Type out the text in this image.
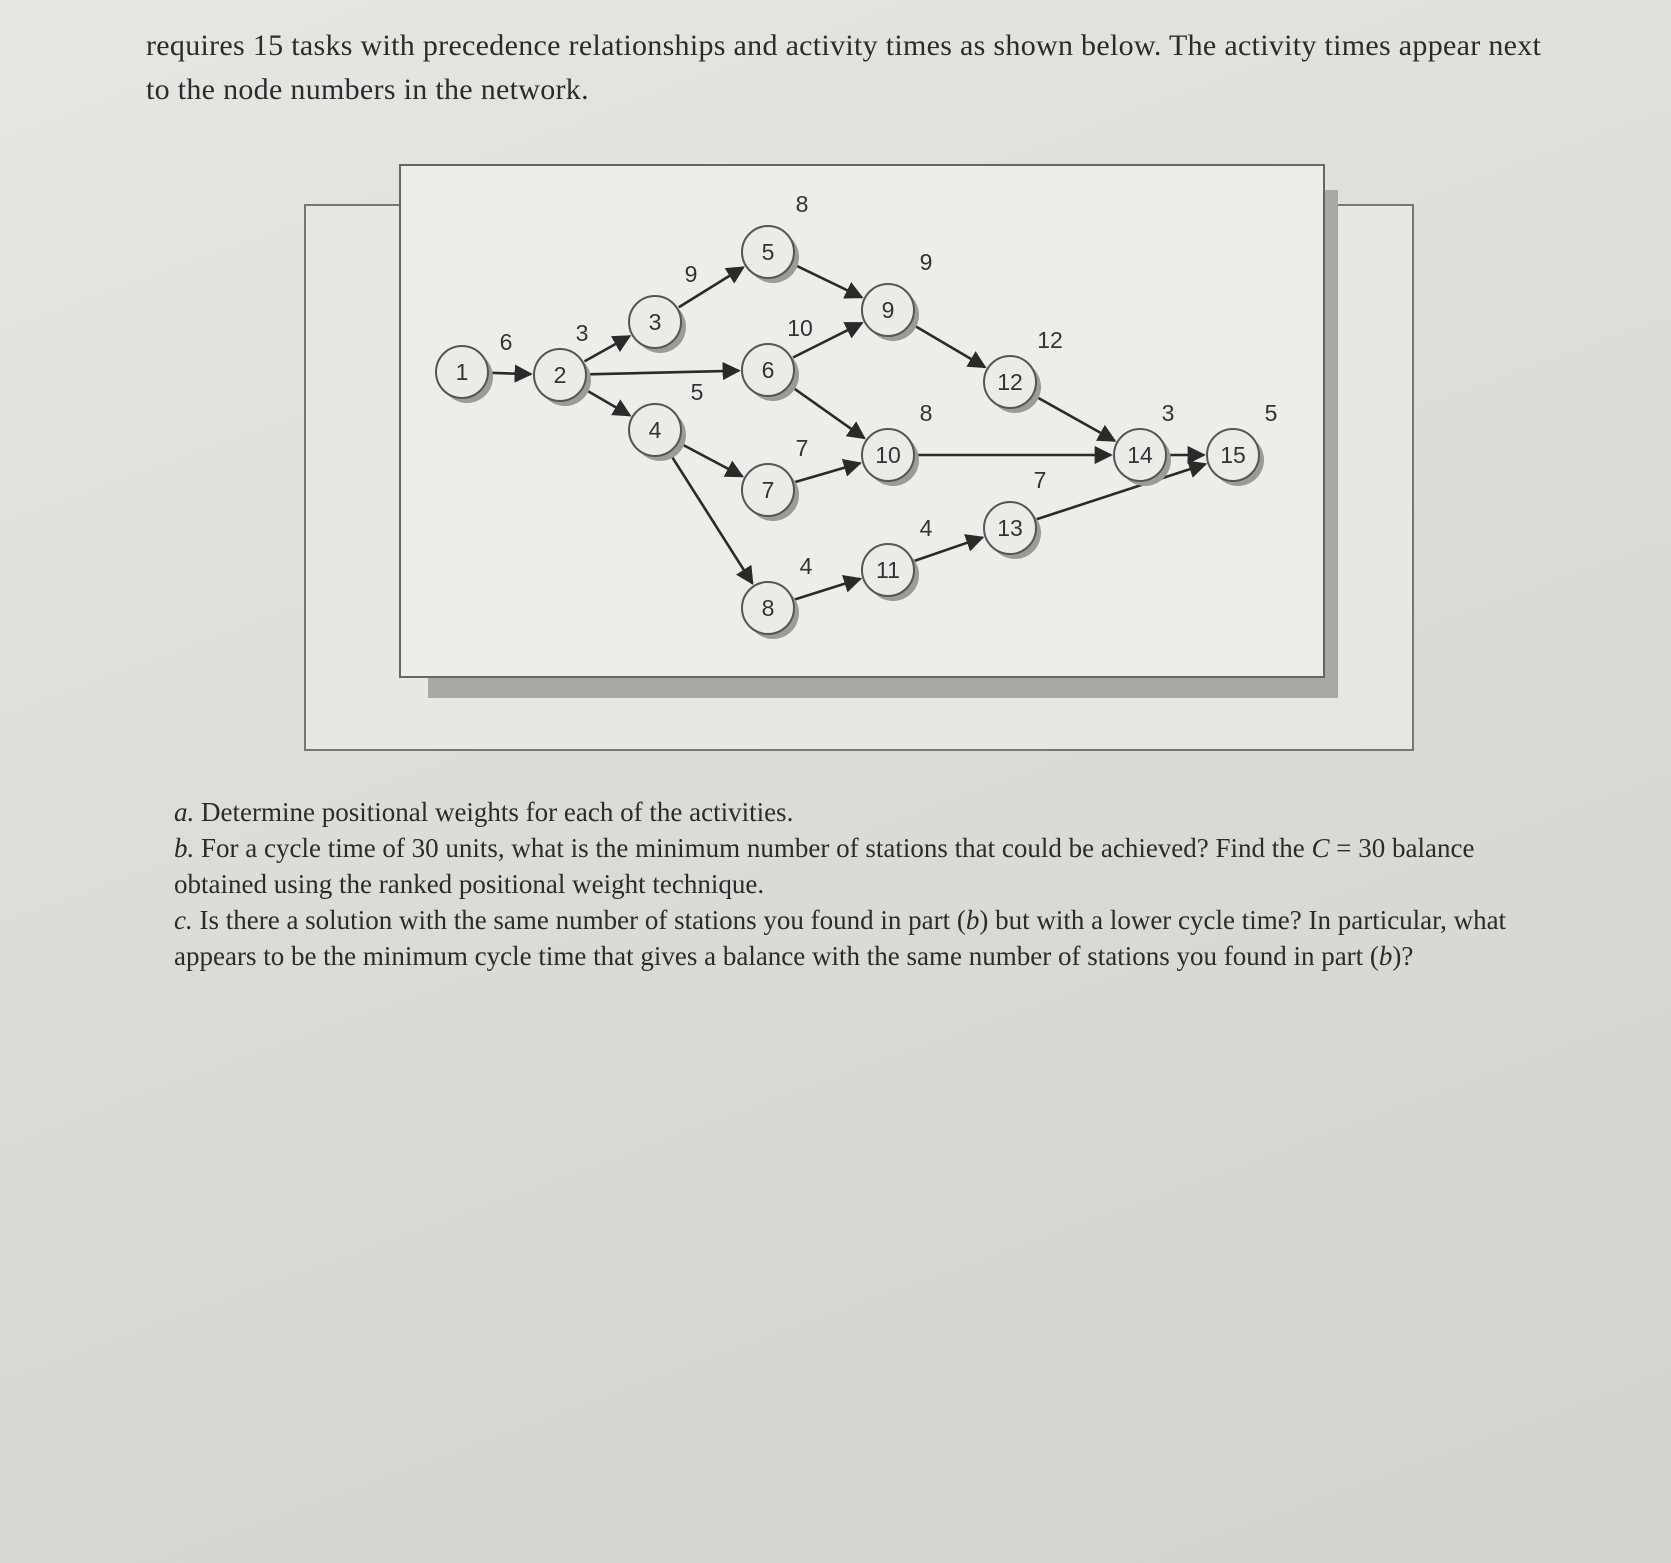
requires 15 tasks with precedence relationships and activity times as shown below. The activity times appear next to the node numbers in the network.
1
6
2
3	3
9
4
5
5
8
6
10
7
7
8
4
9
9
10
8
11
4
12
12
13
7
14
3
15
5

a. Determine positional weights for each of the activities.

b. For a cycle time of 30 units, what is the minimum number of stations that could be achieved? Find the C = 30 balance obtained using the ranked positional weight technique.

c. Is there a solution with the same number of stations you found in part (b) but with a lower cycle time? In particular, what appears to be the minimum cycle time that gives a balance with the same number of stations you found in part (b)?
